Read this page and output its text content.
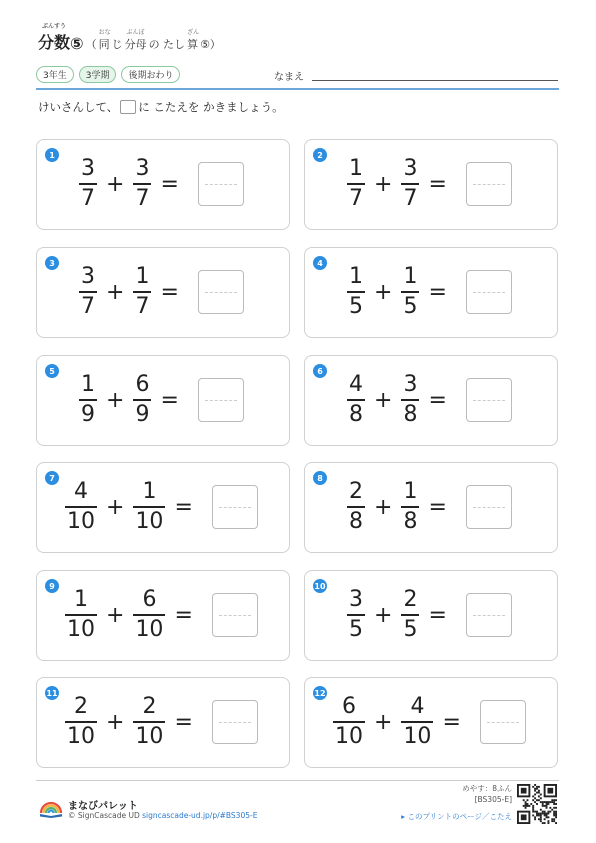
分数
ぶんすう
⑤ （ 同
おな
じ 分母
ぶんぼ
の たし 算
ざん
⑤）
3年生	3学期	後期おわり	なまえ
けいさんして、 に こたえを かきましょう。
1
$\frac{3}{7} + \frac{3}{7}$ =
2
$\frac{1}{7} + \frac{3}{7}$ =
3
$\frac{3}{7} + \frac{1}{7}$ =
4
$\frac{1}{5} + \frac{1}{5}$ =
5
$\frac{1}{9} + \frac{6}{9}$ =
6
$\frac{4}{8} + \frac{3}{8}$ =
7
$\frac{4}{10} + \frac{1}{10}$ =
8
$\frac{2}{8} + \frac{1}{8}$ =
9
$\frac{1}{10} + \frac{6}{10}$ =
10
$\frac{3}{5} + \frac{2}{5}$ =
11
$\frac{2}{10} + \frac{2}{10}$ =
12
$\frac{6}{10} + \frac{4}{10}$ =
まなびパレット
© SignCascade UD signcascade-ud.jp/p/#BS305-E
めやす：8ふん
[BS305-E]
▸ このプリントのページ／こたえ
